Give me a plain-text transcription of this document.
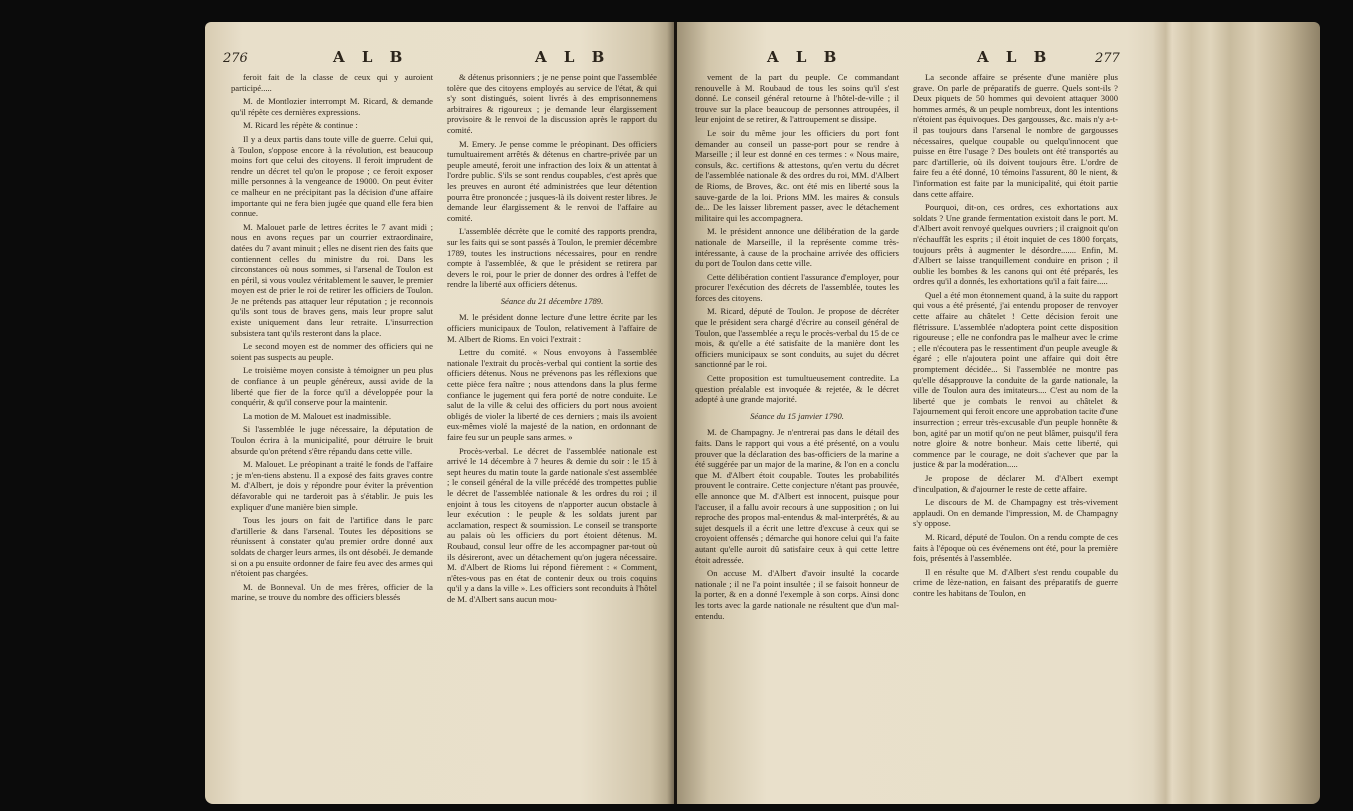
276	A L B	A L B

feroit fait de la classe de ceux qui y auroient participé.....

M. de Montlozier interrompt M. Ricard, & demande qu'il répète ces dernières expressions.

M. Ricard les répète & continue :

Il y a deux partis dans toute ville de guerre. Celui qui, à Toulon, s'oppose encore à la révolution, est beaucoup moins fort que celui des citoyens. Il feroit imprudent de rendre un décret tel qu'on le propose ; ce feroit exposer mille personnes à la vengeance de 19000. On peut éviter ce malheur en ne précipitant pas la décision d'une affaire importante qui ne fera bien jugée que quand elle fera bien connue.

M. Malouet parle de lettres écrites le 7 avant midi ; nous en avons reçues par un courrier extraordinaire, datées du 7 avant minuit ; elles ne disent rien des faits que contiennent celles du ministre du roi. Dans les circonstances où nous sommes, si l'arsenal de Toulon est en péril, si vous voulez véritablement le sauver, le premier moyen est de prier le roi de retirer les officiers de Toulon. Je ne prétends pas attaquer leur réputation ; je reconnois qu'ils sont tous de braves gens, mais leur propre salut existe uniquement dans leur retraite. L'insurrection subsistera tant qu'ils resteront dans la place.

Le second moyen est de nommer des officiers qui ne soient pas suspects au peuple.

Le troisième moyen consiste à témoigner un peu plus de confiance à un peuple généreux, aussi avide de la liberté que fier de la force qu'il a développée pour la conquérir, & qu'il conserve pour la maintenir.

La motion de M. Malouet est inadmissible.

Si l'assemblée le juge nécessaire, la députation de Toulon écrira à la municipalité, pour détruire le bruit absurde qu'on prétend s'être répandu dans cette ville.

M. Malouet. Le préopinant a traité le fonds de l'affaire ; je m'en-tiens abstenu. Il a exposé des faits graves contre M. d'Albert, je dois y répondre pour éviter la prévention défavorable qui ne tarderoit pas à s'établir. Je puis les expliquer d'une manière bien simple.

Tous les jours on fait de l'artifice dans le parc d'artillerie & dans l'arsenal. Toutes les dépositions se réunissent à constater qu'au premier ordre donné aux soldats de charger leurs armes, ils ont désobéi. Je demande si on a pu ensuite ordonner de faire feu avec des armes qui n'étoient pas chargées.

M. de Bonneval. Un de mes frères, officier de la marine, se trouve du nombre des officiers blessés

& détenus prisonniers ; je ne pense point que l'assemblée tolère que des citoyens employés au service de l'état, & qui s'y sont distingués, soient livrés à des emprisonnemens arbitraires & rigoureux ; je demande leur élargissement provisoire & le renvoi de la discussion après le rapport du comité.

M. Emery. Je pense comme le préopinant. Des officiers tumultuairement arrêtés & détenus en chartre-privée par un peuple ameuté, feroit une infraction des loix & un attentat à l'ordre public. S'ils se sont rendus coupables, c'est après que les preuves en auront été administrées que leur détention pourra être prononcée ; jusques-là ils doivent rester libres. Je demande leur élargissement & le renvoi de l'affaire au comité.

L'assemblée décrète que le comité des rapports prendra, sur les faits qui se sont passés à Toulon, le premier décembre 1789, toutes les instructions nécessaires, pour en rendre compte à l'assemblée, & que le président se retirera par devers le roi, pour le prier de donner des ordres à l'effet de rendre la liberté aux officiers détenus.

Séance du 21 décembre 1789.

M. le président donne lecture d'une lettre écrite par les officiers municipaux de Toulon, relativement à l'affaire de M. Albert de Rioms. En voici l'extrait :

Lettre du comité. « Nous envoyons à l'assemblée nationale l'extrait du procès-verbal qui contient la sortie des officiers détenus. Nous ne prévenons pas les réflexions que cette pièce fera naître ; nous attendons dans la plus ferme confiance le jugement qui fera porté de notre conduite. Le salut de la ville & celui des officiers du port nous avoient obligés de violer la liberté de ces derniers ; mais ils avoient eux-mêmes violé la majesté de la nation, en ordonnant de faire feu sur un peuple sans armes. »

Procès-verbal. Le décret de l'assemblée nationale est arrivé le 14 décembre à 7 heures & demie du soir : le 15 à sept heures du matin toute la garde nationale s'est assemblée ; le conseil général de la ville précédé des trompettes publie le décret de l'assemblée nationale & les ordres du roi ; il enjoint à tous les citoyens de n'apporter aucun obstacle à leur exécution : le peuple & les soldats jurent par acclamation, respect & soumission. Le conseil se transporte au palais où les officiers du port étoient détenus. M. Roubaud, consul leur offre de les accompagner par-tout où ils désireront, avec un détachement qu'on jugera nécessaire. M. d'Albert de Rioms lui répond fièrement : « Comment, n'êtes-vous pas en état de contenir deux ou trois coquins qu'il y a dans la ville ». Les officiers sont reconduits à l'hôtel de M. d'Albert sans aucun mou-

A L B	A L B	277

vement de la part du peuple. Ce commandant renouvelle à M. Roubaud de tous les soins qu'il s'est donné. Le conseil général retourne à l'hôtel-de-ville ; il trouve sur la place beaucoup de personnes attroupées, il leur enjoint de se retirer, & l'attroupement se dissipe.

Le soir du même jour les officiers du port font demander au conseil un passe-port pour se rendre à Marseille ; il leur est donné en ces termes : « Nous maire, consuls, &c. certifions & attestons, qu'en vertu du décret de l'assemblée nationale & des ordres du roi, MM. d'Albert de Rioms, de Broves, &c. ont été mis en liberté sous la sauve-garde de la loi. Prions MM. les maires & consuls de... De les laisser librement passer, avec le détachement militaire qui les accompagnera.

M. le président annonce une délibération de la garde nationale de Marseille, il la représente comme très-intéressante, à cause de la prochaine arrivée des officiers du port de Toulon dans cette ville.

Cette délibération contient l'assurance d'employer, pour procurer l'exécution des décrets de l'assemblée, toutes les forces des citoyens.

M. Ricard, député de Toulon. Je propose de décréter que le président sera chargé d'écrire au conseil général de Toulon, que l'assemblée a reçu le procès-verbal du 15 de ce mois, & qu'elle a été satisfaite de la manière dont les officiers municipaux se sont conduits, au sujet du décret sanctionné par le roi.

Cette proposition est tumultueusement contredite. La question préalable est invoquée & rejetée, & le décret adopté à une grande majorité.

Séance du 15 janvier 1790.

M. de Champagny. Je n'entrerai pas dans le détail des faits. Dans le rapport qui vous a été présenté, on a voulu prouver que la déclaration des bas-officiers de la marine a été suggérée par un major de la marine, & l'on en a conclu que M. d'Albert étoit coupable. Toutes les probabilités prouvent le contraire. Cette conjecture n'étant pas prouvée, elle annonce que M. d'Albert est innocent, puisque pour l'accuser, il a fallu avoir recours à une supposition ; on lui reproche des propos mal-entendus & mal-interprétés, & au sujet desquels il a écrit une lettre d'excuse à ceux qui se croyoient offensés ; démarche qui honore celui qui l'a faite autant qu'elle auroit dû satisfaire ceux à qui cette lettre étoit adressée.

On accuse M. d'Albert d'avoir insulté la cocarde nationale ; il ne l'a point insultée ; il se faisoit honneur de la porter, & en a donné l'exemple à son corps. Ainsi donc les torts avec la garde nationale ne résultent que d'un mal-entendu.

La seconde affaire se présente d'une manière plus grave. On parle de préparatifs de guerre. Quels sont-ils ? Deux piquets de 50 hommes qui devoient attaquer 3000 hommes armés, & un peuple nombreux, dont les intentions n'étoient pas équivoques. Des gargousses, &c. mais n'y a-t-il pas toujours dans l'arsenal le nombre de gargousses nécessaires, quelque coupable ou quelqu'innocent que puisse en être l'usage ? Des boulets ont été transportés au parc d'artillerie, où ils doivent toujours être. L'ordre de faire feu a été donné, 10 témoins l'assurent, 80 le nient, & l'information est faite par la municipalité, qui étoit partie dans cette affaire.

Pourquoi, dit-on, ces ordres, ces exhortations aux soldats ? Une grande fermentation existoit dans le port. M. d'Albert avoit renvoyé quelques ouvriers ; il craignoit qu'on n'échauffât les esprits ; il étoit inquiet de ces 1800 forçats, toujours prêts à augmenter le désordre....... Enfin, M. d'Albert se laisse tranquillement conduire en prison ; il oublie les bombes & les canons qui ont été préparés, les ordres qu'il a donnés, les exhortations qu'il a fait faire.....

Quel a été mon étonnement quand, à la suite du rapport qui vous a été présenté, j'ai entendu proposer de renvoyer cette affaire au châtelet ! Cette décision feroit une flétrissure. L'assemblée n'adoptera point cette disposition rigoureuse ; elle ne confondra pas le malheur avec le crime ; elle n'écoutera pas le ressentiment d'un peuple aveugle & égaré ; elle n'ajoutera point une affaire qui doit être promptement décidée... Si l'assemblée ne montre pas qu'elle désapprouve la conduite de la garde nationale, la ville de Toulon aura des imitateurs.... C'est au nom de la liberté que je combats le renvoi au châtelet & l'ajournement qui feroit encore une approbation tacite d'une insurrection ; erreur très-excusable d'un peuple honnête & bon, agité par un motif qu'on ne peut blâmer, puisqu'il fera notre gloire & notre bonheur. Mais cette liberté, qui commence par le courage, ne doit s'achever que par la justice & par la modération.....

Je propose de déclarer M. d'Albert exempt d'inculpation, & d'ajourner le reste de cette affaire.

Le discours de M. de Champagny est très-vivement applaudi. On en demande l'impression, M. de Champagny s'y oppose.

M. Ricard, député de Toulon. On a rendu compte de ces faits à l'époque où ces événemens ont été, pour la première fois, présentés à l'assemblée.

Il en résulte que M. d'Albert s'est rendu coupable du crime de lèze-nation, en faisant des préparatifs de guerre contre les habitans de Toulon, en
